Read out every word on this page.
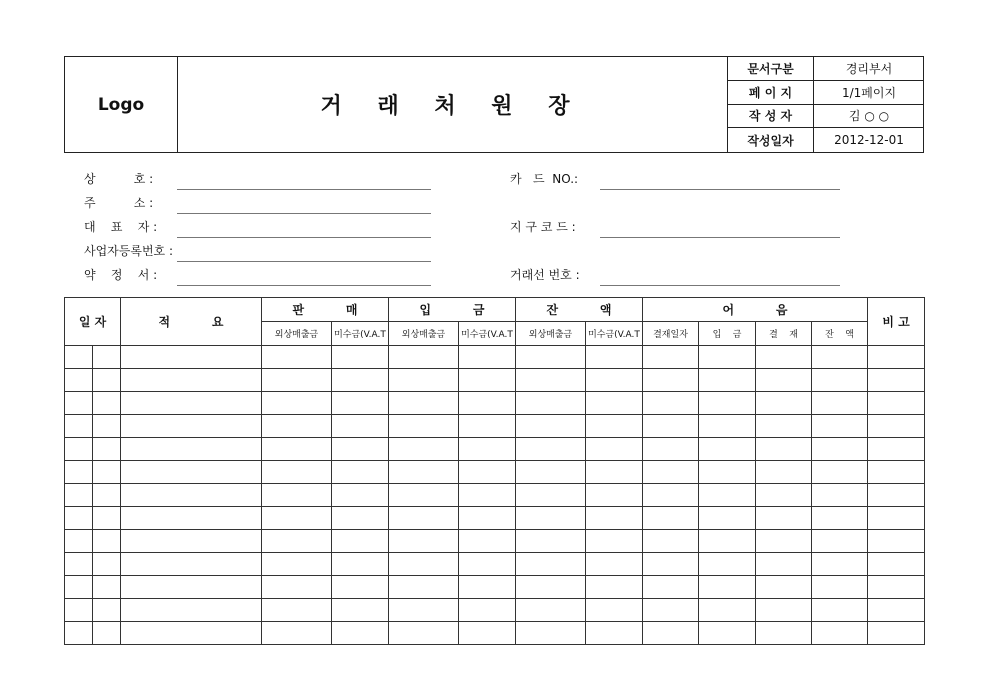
Logo	거 래 처 원 장
문서구분	경리부서
페 이 지	1/1페이지
작 성 자	김 ○ ○
작성일자	2012-12-01
상          호 :
주          소 :
대    표    자 :
사업자등록번호 :
약    정    서 :
카   드  NO.:
지 구 코 드 :
거래선 번호 :
일 자		적          요	판          매		입          금		잔          액		어          음				비 고
			외상매출금	미수금(V.A.T	외상매출금	미수금(V.A.T	외상매출금	미수금(V.A.T	결재일자	입    금	결    재	잔    액	
